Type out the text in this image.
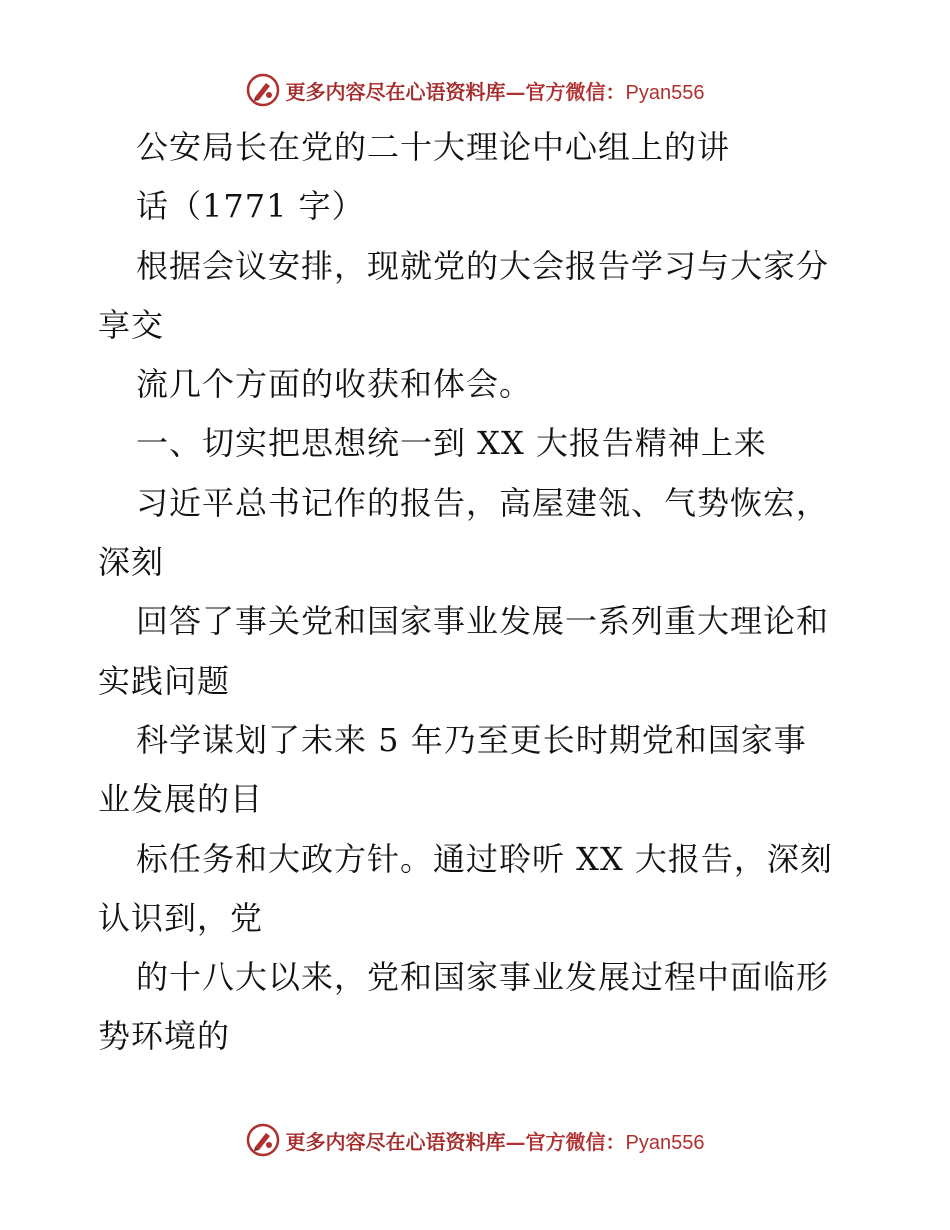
更多内容尽在心语资料库—官方微信：Pyan556
公安局长在党的二十大理论中心组上的讲
话（1771 字）
根据会议安排，现就党的大会报告学习与大家分
享交
流几个方面的收获和体会。
一、切实把思想统一到 XX 大报告精神上来
习近平总书记作的报告，高屋建瓴、气势恢宏，
深刻
回答了事关党和国家事业发展一系列重大理论和
实践问题
科学谋划了未来 5 年乃至更长时期党和国家事
业发展的目
标任务和大政方针。通过聆听 XX 大报告，深刻
认识到，党
的十八大以来，党和国家事业发展过程中面临形
势环境的
更多内容尽在心语资料库—官方微信：Pyan556
